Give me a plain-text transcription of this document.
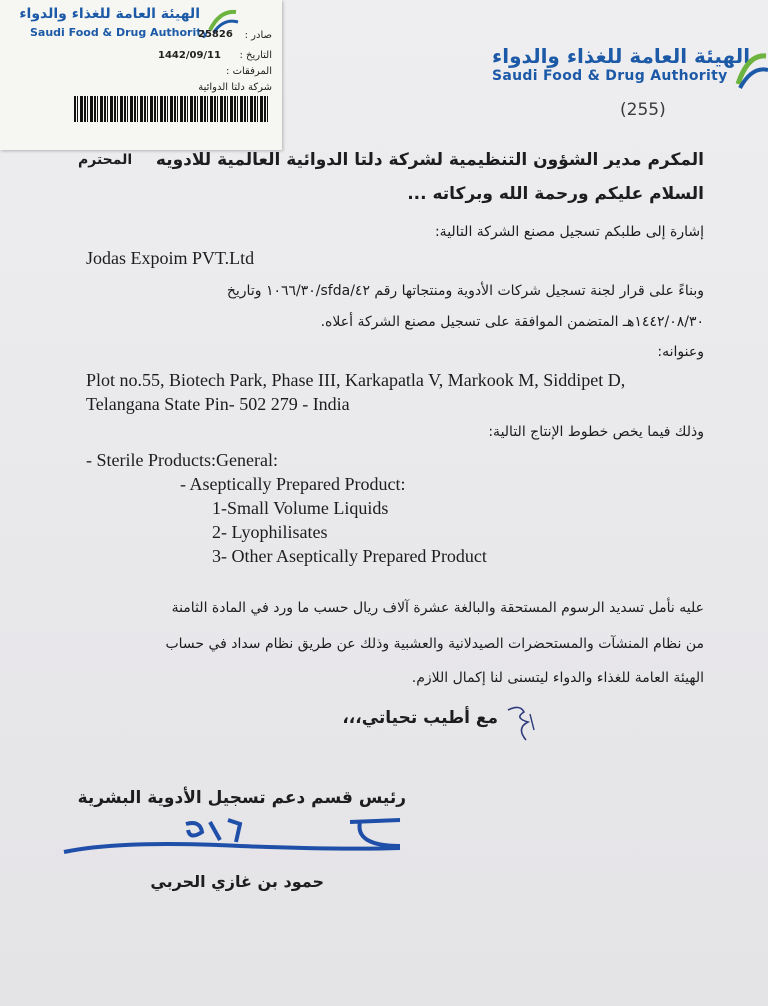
الهيئة العامة للغذاء والدواء
Saudi Food & Drug Authority
25826 صادر :
التاريخ :
1442/09/11
المرفقات :
شركة دلتا الدوائية
الهيئة العامة للغذاء والدواء
Saudi Food & Drug Authority
(255)
المكرم مدير الشؤون التنظيمية لشركة دلتا الدوائية العالمية للادويه
المحترم
السلام عليكم ورحمة الله وبركاته ...
إشارة إلى طلبكم تسجيل مصنع الشركة التالية:
Jodas Expoim PVT.Ltd
وبناءً على قرار لجنة تسجيل شركات الأدوية ومنتجاتها رقم ٤٢/sfda/١٠٦٦/٣٠ وتاريخ
١٤٤٢/٠٨/٣٠هـ المتضمن الموافقة على تسجيل مصنع الشركة أعلاه.
وعنوانه:
Plot no.55, Biotech Park, Phase III, Karkapatla V, Markook M, Siddipet D,
Telangana State Pin- 502 279 - India
وذلك فيما يخص خطوط الإنتاج التالية:
- Sterile Products:General:
- Aseptically Prepared Product:
1-Small Volume Liquids
2- Lyophilisates
3- Other Aseptically Prepared Product
عليه نأمل تسديد الرسوم المستحقة والبالغة عشرة آلاف ريال حسب ما ورد في المادة الثامنة
من نظام المنشآت والمستحضرات الصيدلانية والعشبية وذلك عن طريق نظام سداد في حساب
الهيئة العامة للغذاء والدواء ليتسنى لنا إكمال اللازم.
مع أطيب تحياتي،،،
رئيس قسم دعم تسجيل الأدوية البشرية
حمود بن غازي الحربي
